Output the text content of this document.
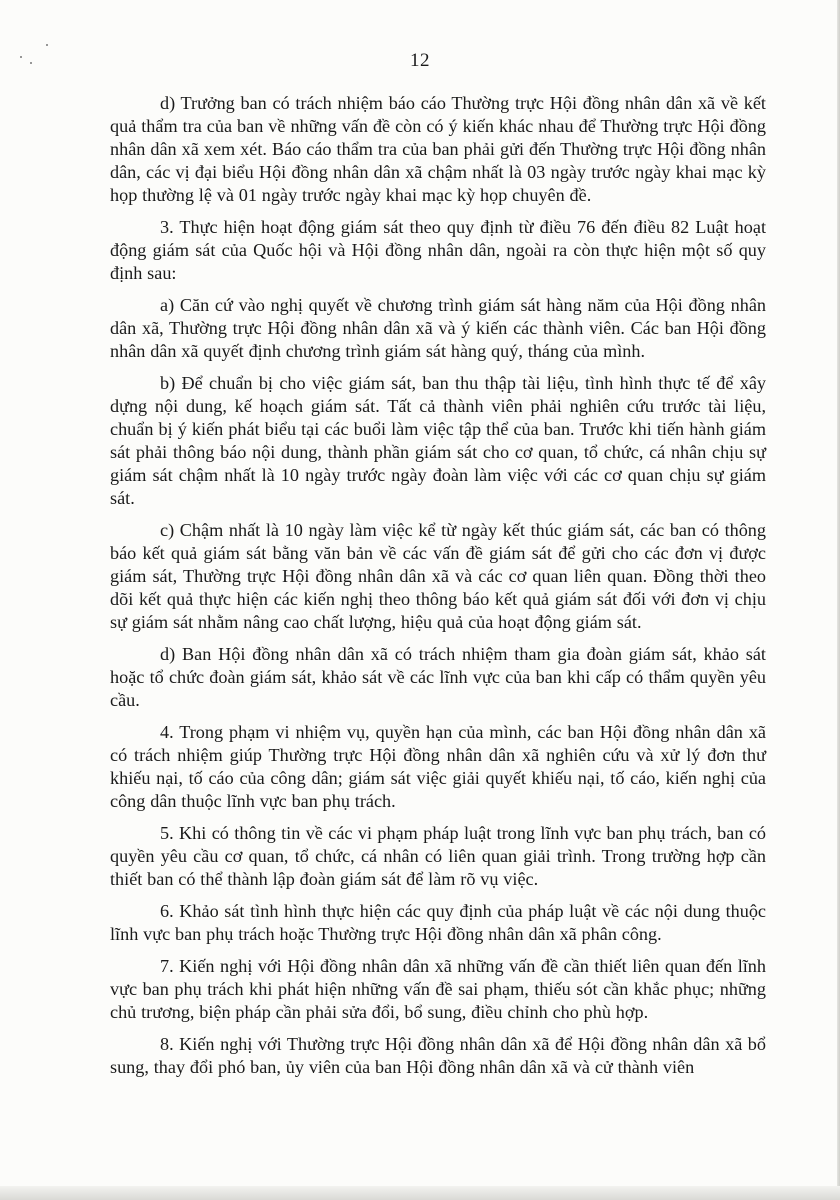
12

d) Trưởng ban có trách nhiệm báo cáo Thường trực Hội đồng nhân dân xã về kết quả thẩm tra của ban về những vấn đề còn có ý kiến khác nhau để Thường trực Hội đồng nhân dân xã xem xét. Báo cáo thẩm tra của ban phải gửi đến Thường trực Hội đồng nhân dân, các vị đại biểu Hội đồng nhân dân xã chậm nhất là 03 ngày trước ngày khai mạc kỳ họp thường lệ và 01 ngày trước ngày khai mạc kỳ họp chuyên đề.

3. Thực hiện hoạt động giám sát theo quy định từ điều 76 đến điều 82 Luật hoạt động giám sát của Quốc hội và Hội đồng nhân dân, ngoài ra còn thực hiện một số quy định sau:

a) Căn cứ vào nghị quyết về chương trình giám sát hàng năm của Hội đồng nhân dân xã, Thường trực Hội đồng nhân dân xã và ý kiến các thành viên. Các ban Hội đồng nhân dân xã quyết định chương trình giám sát hàng quý, tháng của mình.

b) Để chuẩn bị cho việc giám sát, ban thu thập tài liệu, tình hình thực tế để xây dựng nội dung, kế hoạch giám sát. Tất cả thành viên phải nghiên cứu trước tài liệu, chuẩn bị ý kiến phát biểu tại các buổi làm việc tập thể của ban. Trước khi tiến hành giám sát phải thông báo nội dung, thành phần giám sát cho cơ quan, tổ chức, cá nhân chịu sự giám sát chậm nhất là 10 ngày trước ngày đoàn làm việc với các cơ quan chịu sự giám sát.

c) Chậm nhất là 10 ngày làm việc kể từ ngày kết thúc giám sát, các ban có thông báo kết quả giám sát bằng văn bản về các vấn đề giám sát để gửi cho các đơn vị được giám sát, Thường trực Hội đồng nhân dân xã và các cơ quan liên quan. Đồng thời theo dõi kết quả thực hiện các kiến nghị theo thông báo kết quả giám sát đối với đơn vị chịu sự giám sát nhằm nâng cao chất lượng, hiệu quả của hoạt động giám sát.

d) Ban Hội đồng nhân dân xã có trách nhiệm tham gia đoàn giám sát, khảo sát hoặc tổ chức đoàn giám sát, khảo sát về các lĩnh vực của ban khi cấp có thẩm quyền yêu cầu.

4. Trong phạm vi nhiệm vụ, quyền hạn của mình, các ban Hội đồng nhân dân xã có trách nhiệm giúp Thường trực Hội đồng nhân dân xã nghiên cứu và xử lý đơn thư khiếu nại, tố cáo của công dân; giám sát việc giải quyết khiếu nại, tố cáo, kiến nghị của công dân thuộc lĩnh vực ban phụ trách.

5. Khi có thông tin về các vi phạm pháp luật trong lĩnh vực ban phụ trách, ban có quyền yêu cầu cơ quan, tổ chức, cá nhân có liên quan giải trình. Trong trường hợp cần thiết ban có thể thành lập đoàn giám sát để làm rõ vụ việc.

6. Khảo sát tình hình thực hiện các quy định của pháp luật về các nội dung thuộc lĩnh vực ban phụ trách hoặc Thường trực Hội đồng nhân dân xã phân công.

7. Kiến nghị với Hội đồng nhân dân xã những vấn đề cần thiết liên quan đến lĩnh vực ban phụ trách khi phát hiện những vấn đề sai phạm, thiếu sót cần khắc phục; những chủ trương, biện pháp cần phải sửa đổi, bổ sung, điều chỉnh cho phù hợp.

8. Kiến nghị với Thường trực Hội đồng nhân dân xã để Hội đồng nhân dân xã bổ sung, thay đổi phó ban, ủy viên của ban Hội đồng nhân dân xã và cử thành viên
